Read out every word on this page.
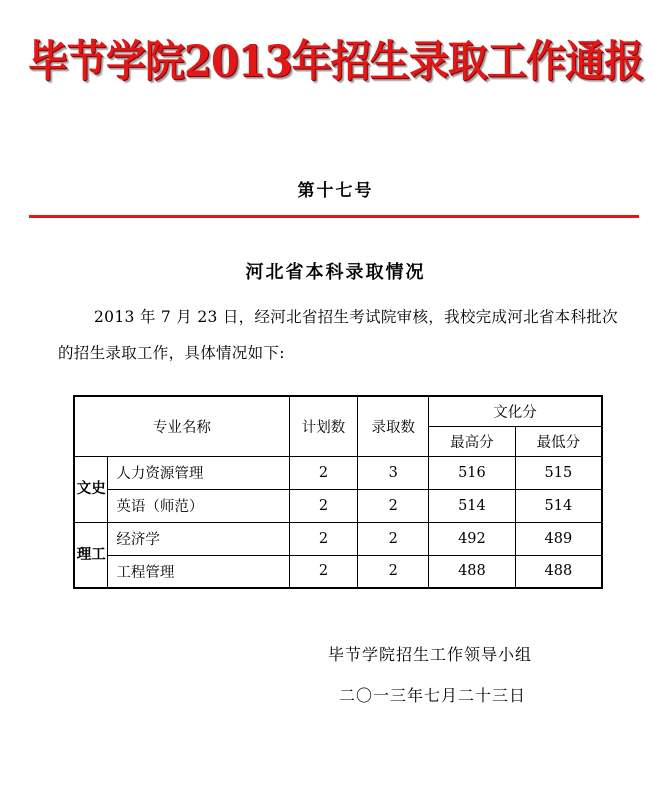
毕节学院2013年招生录取工作通报
第十七号
河北省本科录取情况
2013 年 7 月 23 日，经河北省招生考试院审核，我校完成河北省本科批次的招生录取工作，具体情况如下:
专业名称		计划数	录取数	文化分	
				最高分	最低分
文史	人力资源管理	2	3	516	515
	英语（师范）	2	2	514	514
理工	经济学	2	2	492	489
	工程管理	2	2	488	488
毕节学院招生工作领导小组
二〇一三年七月二十三日
